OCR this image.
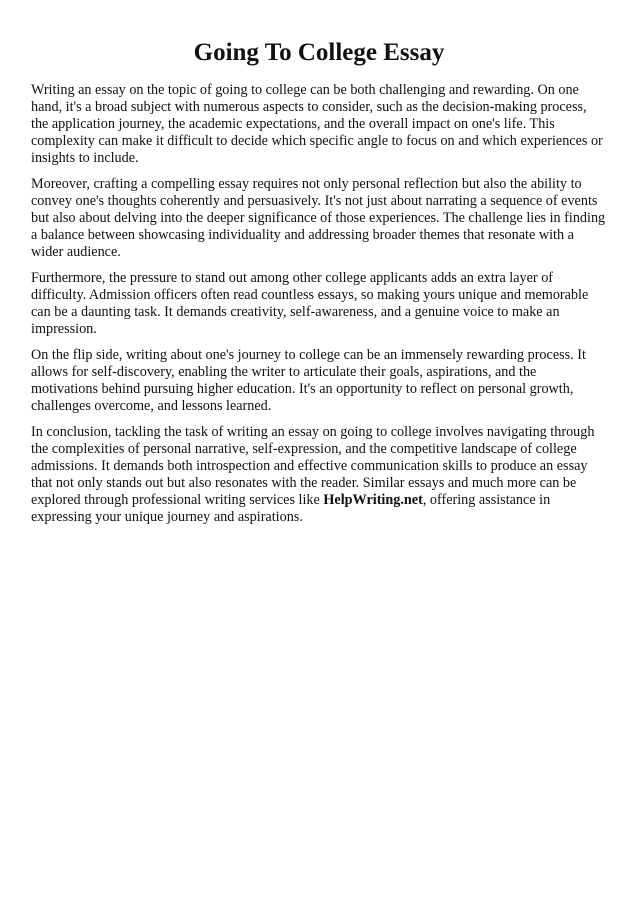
Going To College Essay

Writing an essay on the topic of going to college can be both challenging and rewarding. On one hand, it's a broad subject with numerous aspects to consider, such as the decision-making process, the application journey, the academic expectations, and the overall impact on one's life. This complexity can make it difficult to decide which specific angle to focus on and which experiences or insights to include.

Moreover, crafting a compelling essay requires not only personal reflection but also the ability to convey one's thoughts coherently and persuasively. It's not just about narrating a sequence of events but also about delving into the deeper significance of those experiences. The challenge lies in finding a balance between showcasing individuality and addressing broader themes that resonate with a wider audience.

Furthermore, the pressure to stand out among other college applicants adds an extra layer of difficulty. Admission officers often read countless essays, so making yours unique and memorable can be a daunting task. It demands creativity, self-awareness, and a genuine voice to make an impression.

On the flip side, writing about one's journey to college can be an immensely rewarding process. It allows for self-discovery, enabling the writer to articulate their goals, aspirations, and the motivations behind pursuing higher education. It's an opportunity to reflect on personal growth, challenges overcome, and lessons learned.

In conclusion, tackling the task of writing an essay on going to college involves navigating through the complexities of personal narrative, self-expression, and the competitive landscape of college admissions. It demands both introspection and effective communication skills to produce an essay that not only stands out but also resonates with the reader. Similar essays and much more can be explored through professional writing services like HelpWriting.net, offering assistance in expressing your unique journey and aspirations.
